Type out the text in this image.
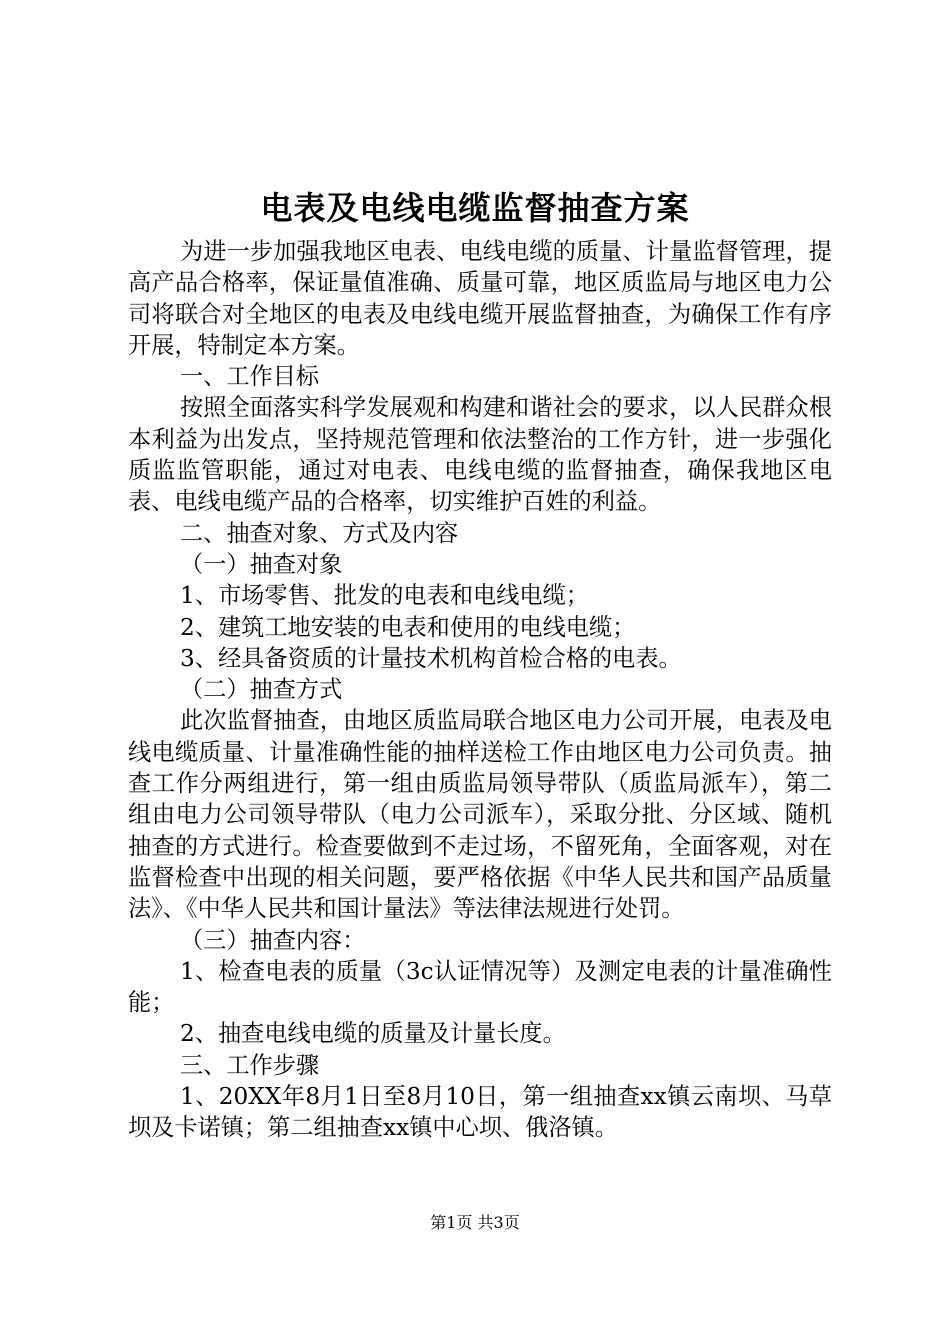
电表及电线电缆监督抽查方案

为进一步加强我地区电表、电线电缆的质量、计量监督管理，提高产品合格率，保证量值准确、质量可靠，地区质监局与地区电力公司将联合对全地区的电表及电线电缆开展监督抽查，为确保工作有序开展，特制定本方案。

一、工作目标

按照全面落实科学发展观和构建和谐社会的要求，以人民群众根本利益为出发点，坚持规范管理和依法整治的工作方针，进一步强化质监监管职能，通过对电表、电线电缆的监督抽查，确保我地区电表、电线电缆产品的合格率，切实维护百姓的利益。

二、抽查对象、方式及内容

（一）抽查对象

1、市场零售、批发的电表和电线电缆；

2、建筑工地安装的电表和使用的电线电缆；

3、经具备资质的计量技术机构首检合格的电表。

（二）抽查方式

此次监督抽查，由地区质监局联合地区电力公司开展，电表及电线电缆质量、计量准确性能的抽样送检工作由地区电力公司负责。抽查工作分两组进行，第一组由质监局领导带队（质监局派车），第二组由电力公司领导带队（电力公司派车），采取分批、分区域、随机抽查的方式进行。检查要做到不走过场，不留死角，全面客观，对在监督检查中出现的相关问题，要严格依据《中华人民共和国产品质量法》、《中华人民共和国计量法》等法律法规进行处罚。

（三）抽查内容：

1、检查电表的质量（3c认证情况等）及测定电表的计量准确性能；

2、抽查电线电缆的质量及计量长度。

三、工作步骤

1、20XX年8月1日至8月10日，第一组抽查xx镇云南坝、马草坝及卡诺镇；第二组抽查xx镇中心坝、俄洛镇。

第1页 共3页
